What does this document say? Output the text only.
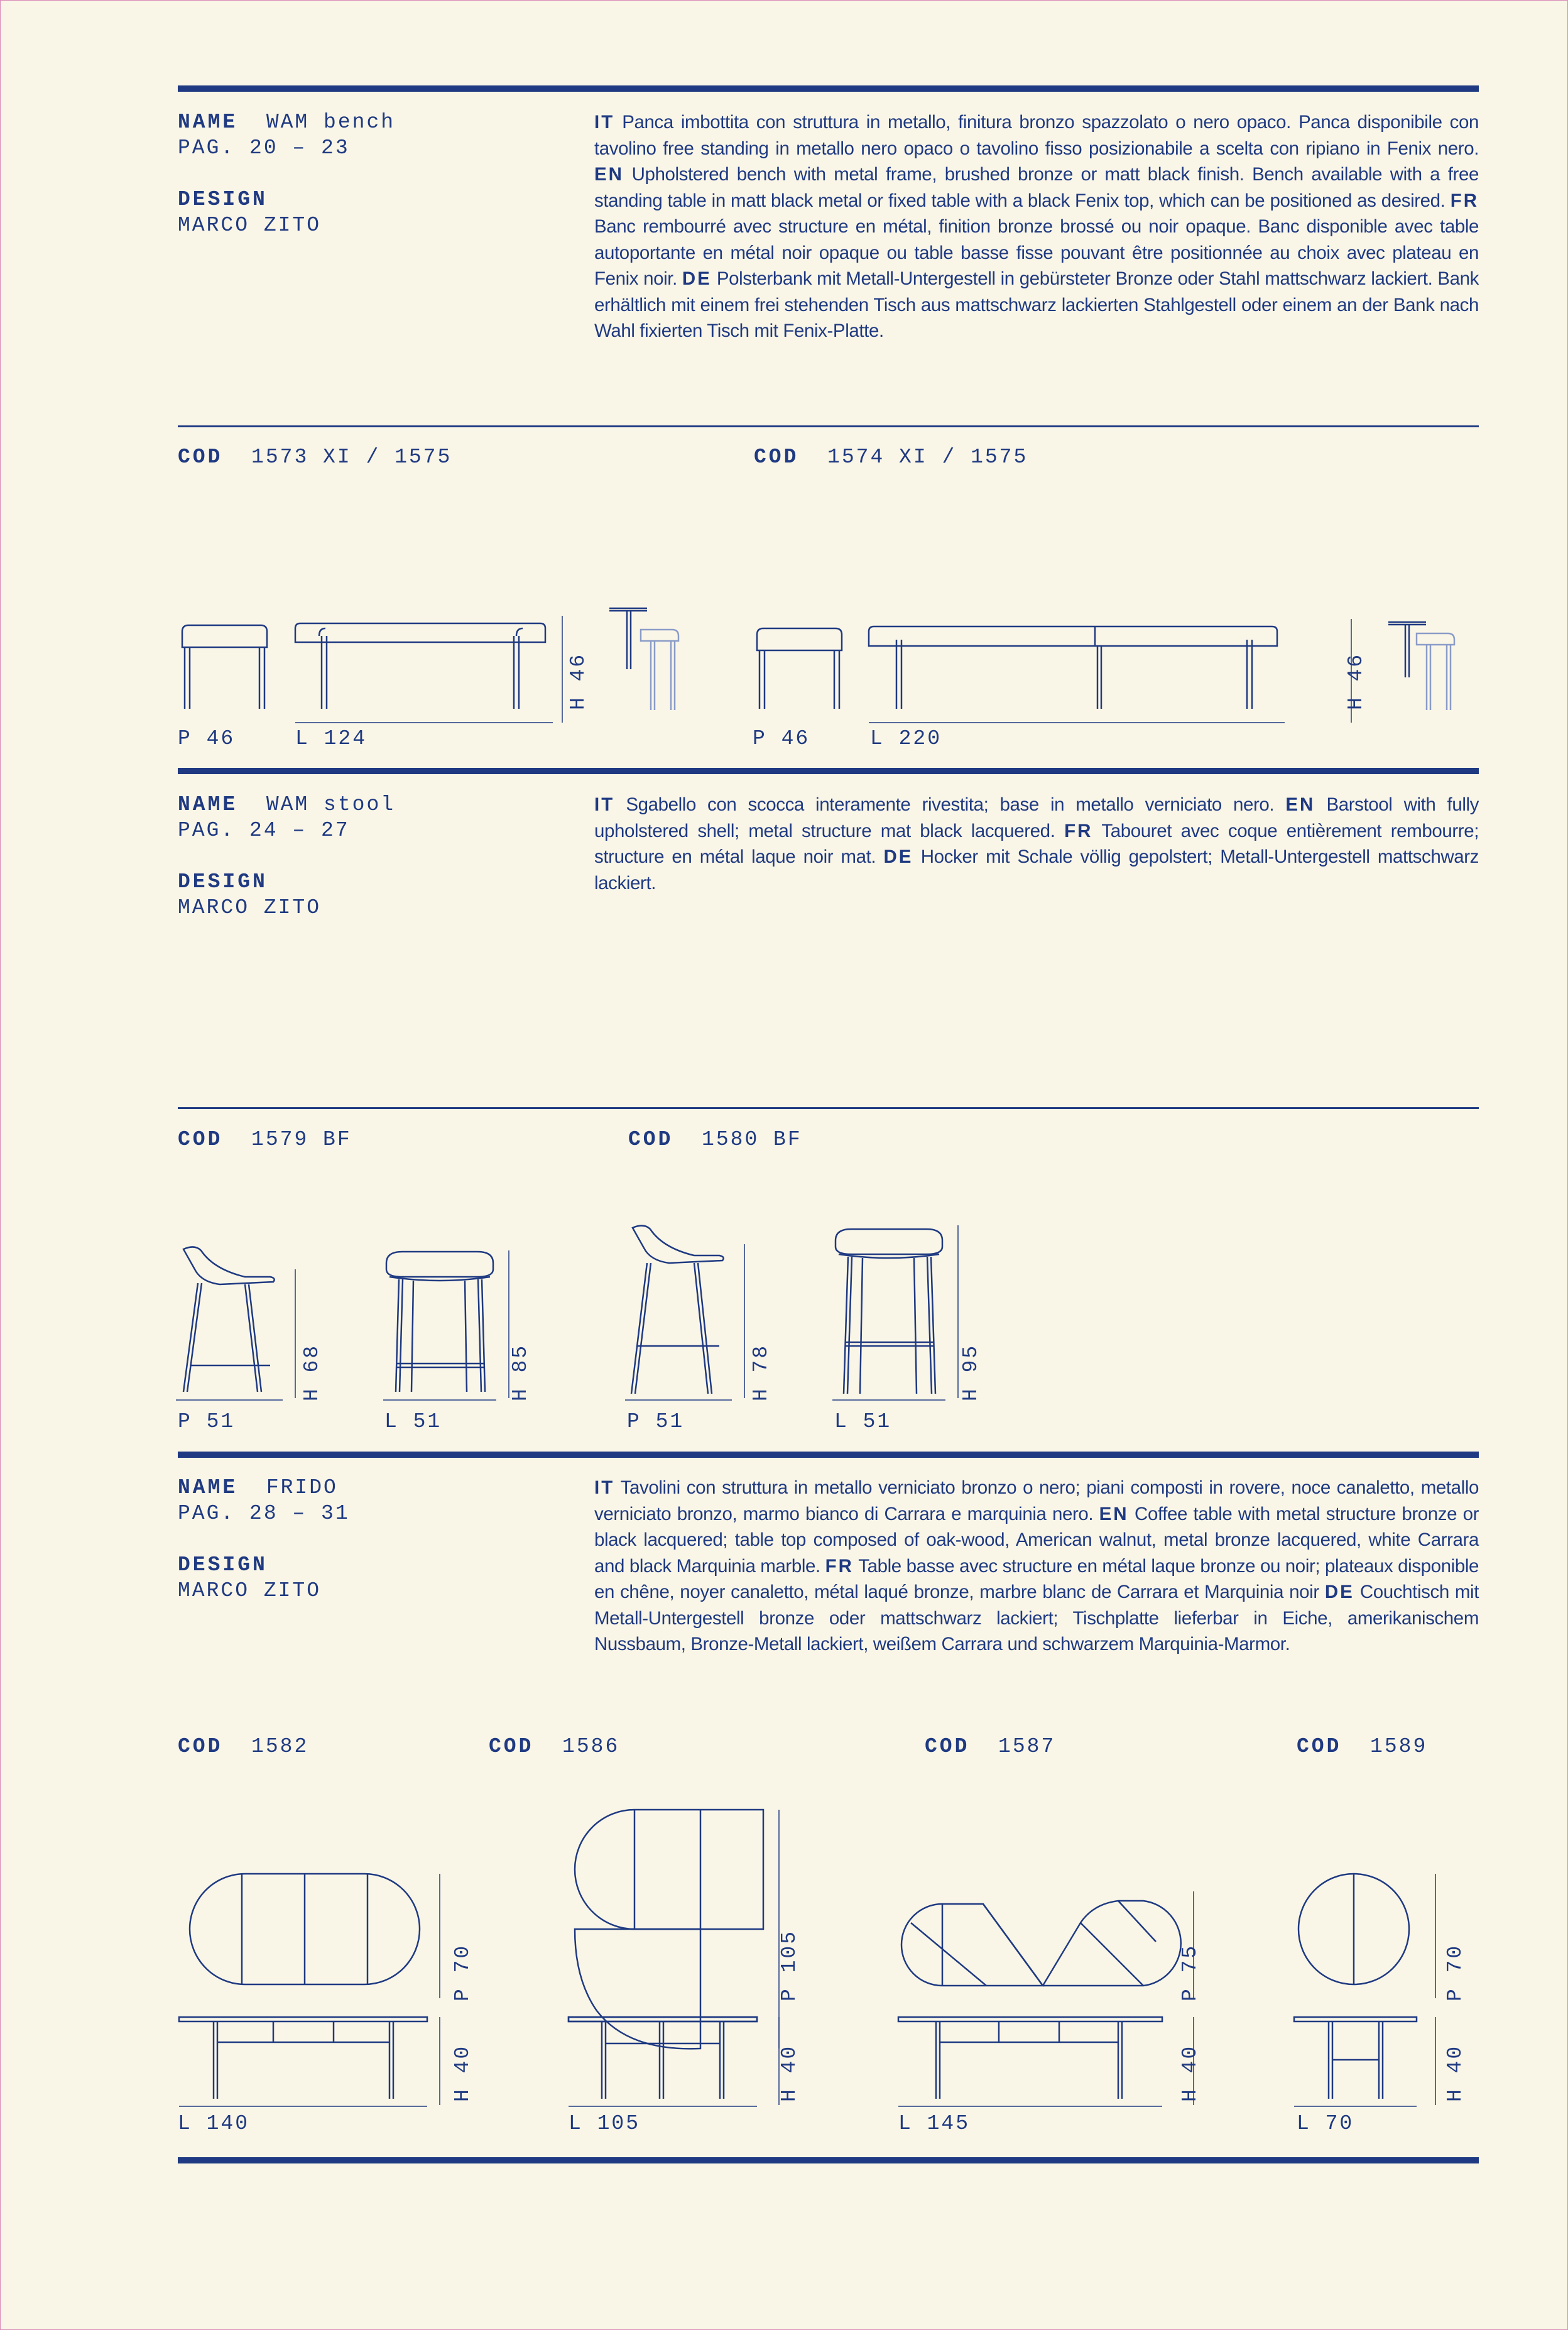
NAME WAM bench
PAG. 20 – 23
DESIGN
MARCO ZITO
IT Panca imbottita con struttura in metallo, finitura bronzo spazzolato o nero opaco. Panca disponibile con tavolino free standing in metallo nero opaco o tavolino fisso posizionabile a scelta con ripiano in Fenix nero. EN Upholstered bench with metal frame, brushed bronze or matt black finish. Bench available with a free standing table in matt black metal or fixed table with a black Fenix top, which can be positioned as desired. FR Banc rembourré avec structure en métal, finition bronze brossé ou noir opaque. Banc disponible avec table autoportante en métal noir opaque ou table basse fisse pouvant être positionnée au choix avec plateau en Fenix noir. DE Polsterbank mit Metall-Untergestell in gebürsteter Bronze oder Stahl mattschwarz lackiert. Bank erhältlich mit einem frei stehenden Tisch aus mattschwarz lackierten Stahlgestell oder einem an der Bank nach Wahl fixierten Tisch mit Fenix-Platte.
COD 1573 XI / 1575	COD 1574 XI / 1575
P 46	L 124
H 46
P 46	L 220
H 46
NAME WAM stool
PAG. 24 – 27
DESIGN
MARCO ZITO
IT Sgabello con scocca interamente rivestita; base in metallo verniciato nero. EN Barstool with fully upholstered shell; metal structure mat black lacquered. FR Tabouret avec coque entièrement rembourre; structure en métal laque noir mat. DE Hocker mit Schale völlig gepolstert; Metall-Untergestell mattschwarz lackiert.
COD 1579 BF	COD 1580 BF
P 51
H 68
L 51
H 85
P 51
H 78
L 51
H 95
NAME FRIDO
PAG. 28 – 31
DESIGN
MARCO ZITO
IT Tavolini con struttura in metallo verniciato bronzo o nero; piani composti in rovere, noce canaletto, metallo verniciato bronzo, marmo bianco di Carrara e marquinia nero. EN Coffee table with metal structure bronze or black lacquered; table top composed of oak-wood, American walnut, metal bronze lacquered, white Carrara and black Marquinia marble. FR Table basse avec structure en métal laque bronze ou noir; plateaux disponible en chêne, noyer canaletto, métal laqué bronze, marbre blanc de Carrara et Marquinia noir DE Couchtisch mit Metall-Untergestell bronze oder mattschwarz lackiert; Tischplatte lieferbar in Eiche, amerikanischem Nussbaum, Bronze-Metall lackiert, weißem Carrara und schwarzem Marquinia-Marmor.
COD 1582	COD 1586	COD 1587	COD 1589
P 70
H 40
L 140
P 105
H 40
L 105
P 75
H 40
L 145
P 70
H 40
L 70
